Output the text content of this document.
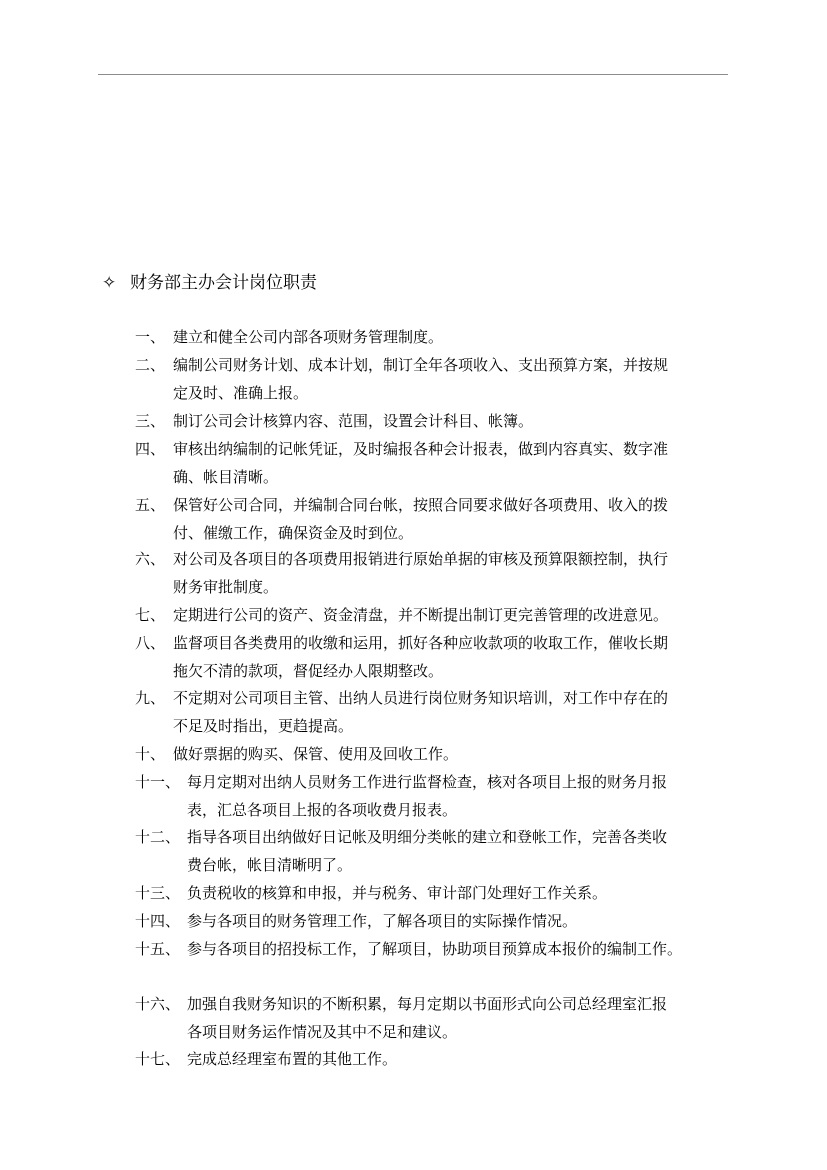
✧ 财务部主办会计岗位职责
一、 建立和健全公司内部各项财务管理制度。
二、 编制公司财务计划、成本计划，制订全年各项收入、支出预算方案，并按规
定及时、准确上报。
三、 制订公司会计核算内容、范围，设置会计科目、帐簿。
四、 审核出纳编制的记帐凭证，及时编报各种会计报表，做到内容真实、数字准
确、帐目清晰。
五、 保管好公司合同，并编制合同台帐，按照合同要求做好各项费用、收入的拨
付、催缴工作，确保资金及时到位。
六、 对公司及各项目的各项费用报销进行原始单据的审核及预算限额控制，执行
财务审批制度。
七、 定期进行公司的资产、资金清盘，并不断提出制订更完善管理的改进意见。
八、 监督项目各类费用的收缴和运用，抓好各种应收款项的收取工作，催收长期
拖欠不清的款项，督促经办人限期整改。
九、 不定期对公司项目主管、出纳人员进行岗位财务知识培训，对工作中存在的
不足及时指出，更趋提高。
十、 做好票据的购买、保管、使用及回收工作。
十一、 每月定期对出纳人员财务工作进行监督检查，核对各项目上报的财务月报
表，汇总各项目上报的各项收费月报表。
十二、 指导各项目出纳做好日记帐及明细分类帐的建立和登帐工作，完善各类收
费台帐，帐目清晰明了。
十三、 负责税收的核算和申报，并与税务、审计部门处理好工作关系。
十四、 参与各项目的财务管理工作，了解各项目的实际操作情况。
十五、 参与各项目的招投标工作，了解项目，协助项目预算成本报价的编制工作。
十六、 加强自我财务知识的不断积累，每月定期以书面形式向公司总经理室汇报
各项目财务运作情况及其中不足和建议。
十七、 完成总经理室布置的其他工作。
